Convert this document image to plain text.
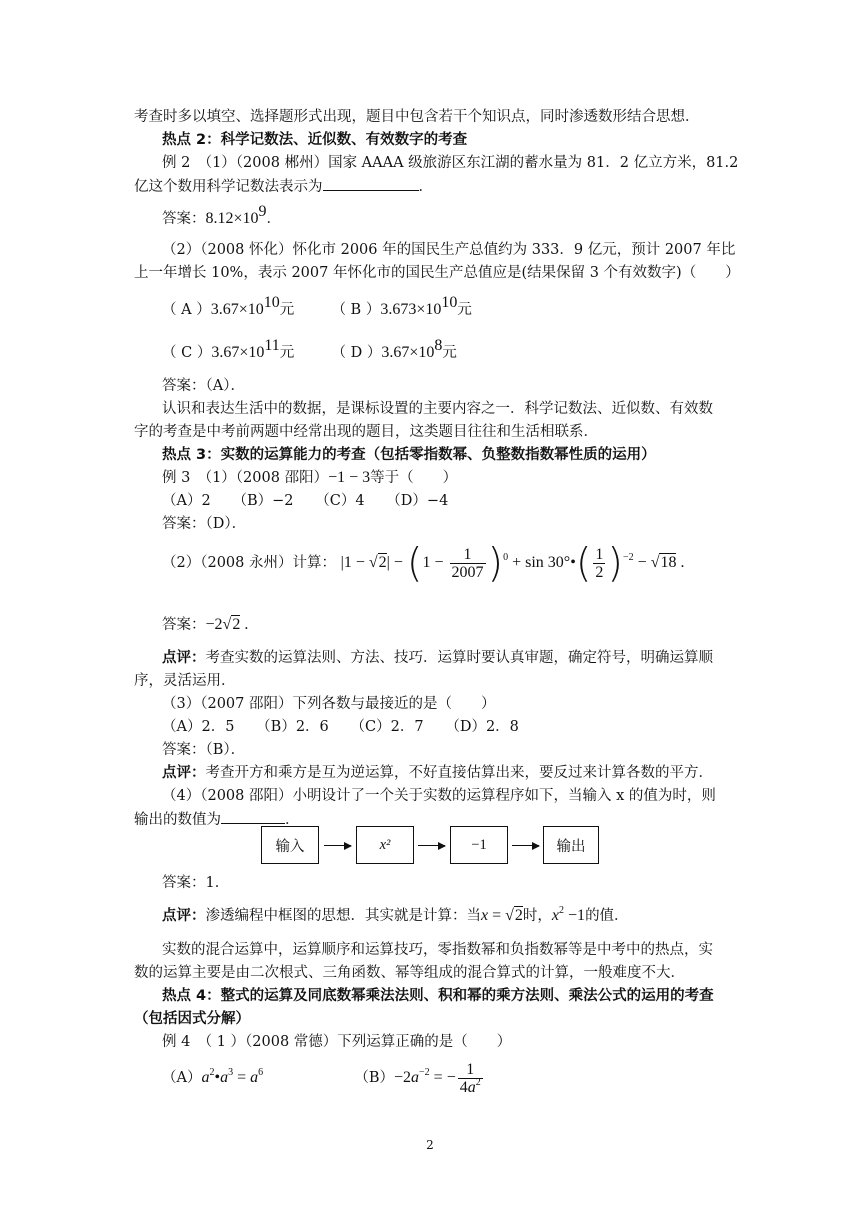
考查时多以填空、选择题形式出现，题目中包含若干个知识点，同时渗透数形结合思想．
热点 2：科学记数法、近似数、有效数字的考查
例 2　（1）（2008 郴州）国家 AAAA 级旅游区东江湖的蓄水量为 81．2 亿立方米，81.2
亿这个数用科学记数法表示为	．
答案：$8.12\times 10^9$．
（2）（2008 怀化）怀化市 2006 年的国民生产总值约为 333．9 亿元，预计 2007 年比
上一年增长 10%，表示 2007 年怀化市的国民生产总值应是(结果保留 3 个有效数字)（　　）
（ A ）$3.67\times 10^{10}$元	（ B ）$3.673\times 10^{10}$元
（ C ）$3.67\times 10^{11}$元	（ D ）$3.67\times 10^8$元
答案：（A）．
认识和表达生活中的数据，是课标设置的主要内容之一．科学记数法、近似数、有效数
字的考查是中考前两题中经常出现的题目，这类题目往往和生活相联系．
热点 3：实数的运算能力的考查（包括零指数幂、负整数指数幂性质的运用）
例 3　（1）（2008 邵阳）−1 − 3等于（　　）
（A）2　　（B）−2　　（C）4　　（D）−4
答案：（D）．
（2）（2008 永州）计算： $|1 - √2| - (1 - \frac{1}{2007} )^0 + \sin$ 30°•( $\frac{1}{2} )^{-2} - √18$ .
答案：−2√2 .
点评：考查实数的运算法则、方法、技巧．运算时要认真审题，确定符号，明确运算顺
序，灵活运用．
（3）（2007 邵阳）下列各数与最接近的是（　　）
（A）2．5　　（B）2．6　　（C）2．7　　（D）2．8
答案：（B）．
点评：考查开方和乘方是互为逆运算，不好直接估算出来，要反过来计算各数的平方．
（4）（2008 邵阳）小明设计了一个关于实数的运算程序如下，当输入 x 的值为时，则
输出的数值为	．
输入	x²	−1	输出
答案：1．
点评：渗透编程中框图的思想．其实就是计算：当x = √2时，$x^2 -1$的值．
实数的混合运算中，运算顺序和运算技巧，零指数幂和负指数幂等是中考中的热点，实
数的运算主要是由二次根式、三角函数、幂等组成的混合算式的计算，一般难度不大．
热点 4：整式的运算及同底数幂乘法法则、积和幂的乘方法则、乘法公式的运用的考查
（包括因式分解）
例 4　（ 1 ）（2008 常德）下列运算正确的是（　　）
$(A)a^2•a^3 = a^6$	$(B)-2a^{-2}$ = − $\frac{1}{4a^2}$
2
